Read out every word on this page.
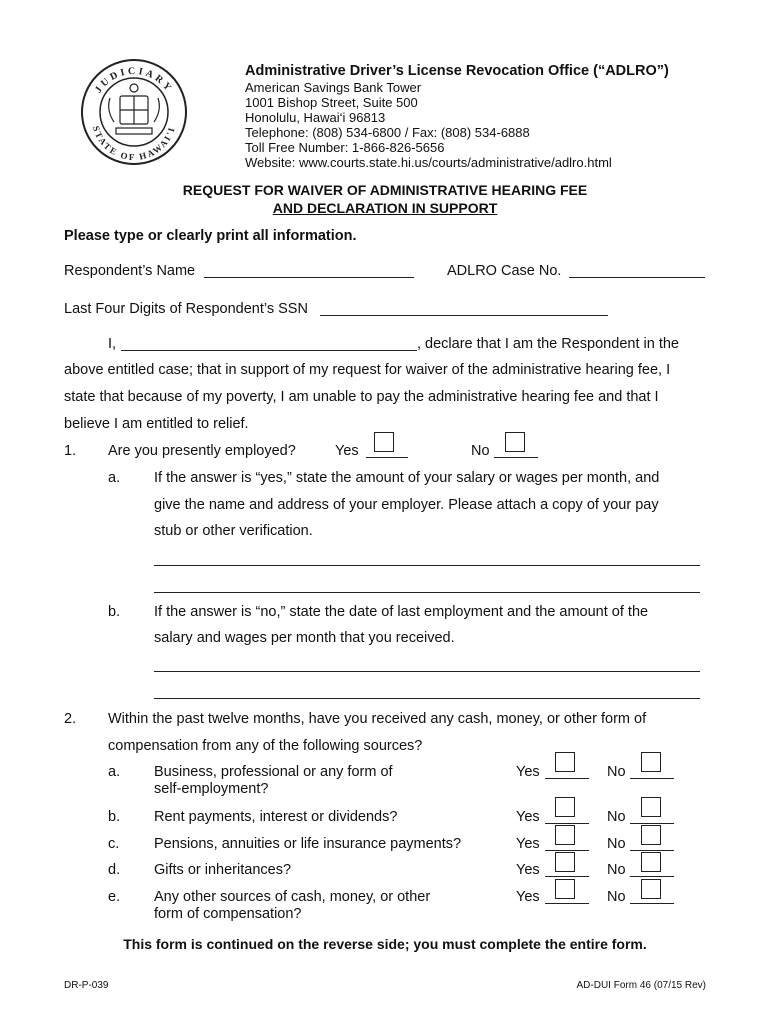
JUDICIARY
STATE OF HAWAI'I
Administrative Driver’s License Revocation Office (“ADLRO”)
American Savings Bank Tower
1001 Bishop Street, Suite 500
Honolulu, Hawai‘i 96813
Telephone: (808) 534-6800 / Fax: (808) 534-6888
Toll Free Number: 1-866-826-5656
Website: www.courts.state.hi.us/courts/administrative/adlro.html
REQUEST FOR WAIVER OF ADMINISTRATIVE HEARING FEE
AND DECLARATION IN SUPPORT
Please type or clearly print all information.
Respondent’s Name	ADLRO Case No.
Last Four Digits of Respondent’s SSN
I,	, declare that I am the Respondent in the
above entitled case; that in support of my request for waiver of the administrative hearing fee, I
state that because of my poverty, I am unable to pay the administrative hearing fee and that I
believe I am entitled to relief.
1. Are you presently employed?	Yes	No
a. If the answer is “yes,” state the amount of your salary or wages per month, and
give the name and address of your employer. Please attach a copy of your pay
stub or other verification.
b. If the answer is “no,” state the date of last employment and the amount of the
salary and wages per month that you received.
2. Within the past twelve months, have you received any cash, money, or other form of
compensation from any of the following sources?
a. Business, professional or any form of
self-employment?
Yes	No
b. Rent payments, interest or dividends?	Yes	No
c. Pensions, annuities or life insurance payments?	Yes	No
d. Gifts or inheritances?	Yes	No
e. Any other sources of cash, money, or other
form of compensation?
Yes	No
This form is continued on the reverse side; you must complete the entire form.
DR-P-039	AD-DUI Form 46 (07/15 Rev)
